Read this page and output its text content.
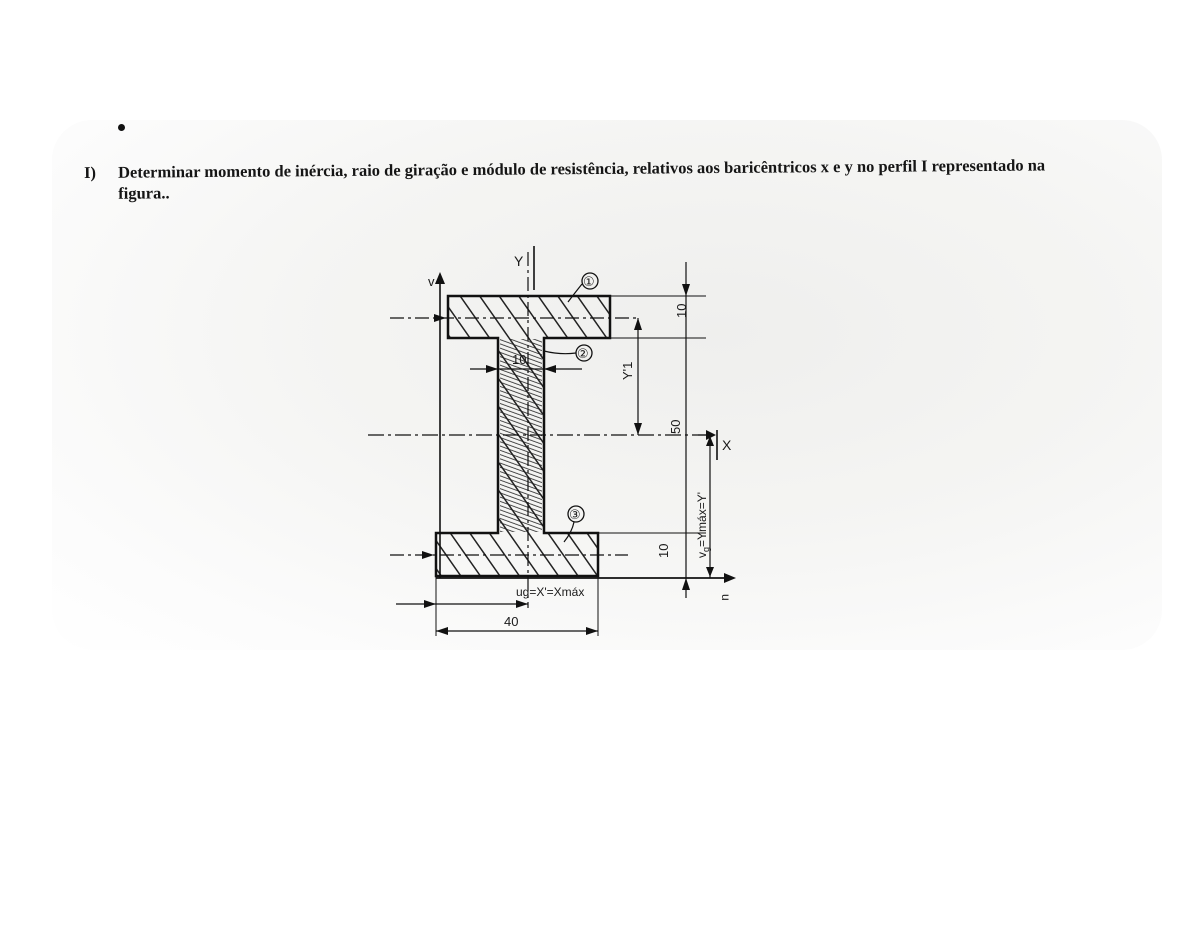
I) Determinar momento de inércia, raio de giração e módulo de resistência, relativos aos baricêntricos x e y no perfil I representado na figura..
v
Y
X
u
10
50
10 $v_g=Ymáx=Y'$
Y'1
10
40
ug=X'=Xmáx
①
②
③
